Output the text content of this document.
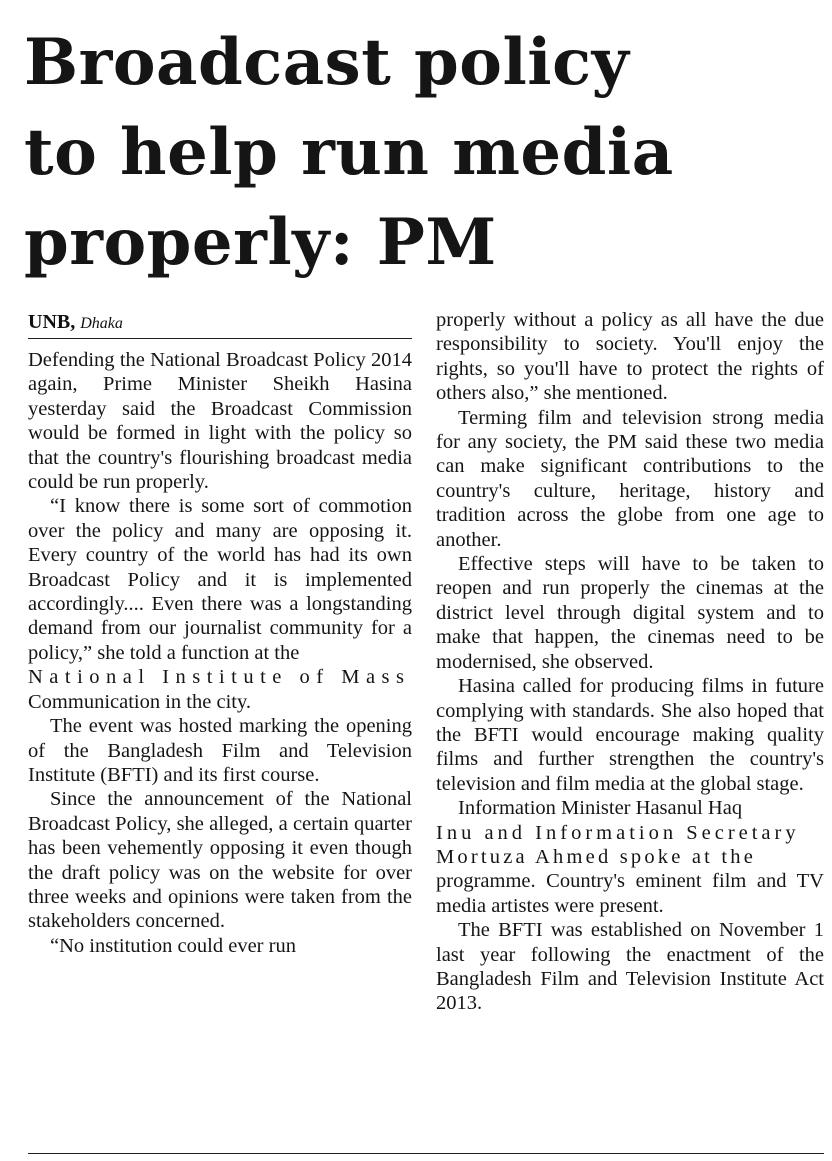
Broadcast policy
to help run media
properly: PM
UNB, Dhaka

Defending the National Broadcast Policy 2014 again, Prime Minister Sheikh Hasina yesterday said the Broadcast Commission would be formed in light with the policy so that the country's flourishing broadcast media could be run properly.

“I know there is some sort of commotion over the policy and many are opposing it. Every country of the world has had its own Broadcast Policy and it is implemented accordingly.... Even there was a longstanding demand from our journalist community for a policy,” she told a function at the

National Institute of Mass

Communication in the city.

The event was hosted marking the opening of the Bangladesh Film and Television Institute (BFTI) and its first course.

Since the announcement of the National Broadcast Policy, she alleged, a certain quarter has been vehemently opposing it even though the draft policy was on the website for over three weeks and opinions were taken from the stakeholders concerned.

“No institution could ever run

properly without a policy as all have the due responsibility to society. You'll enjoy the rights, so you'll have to protect the rights of others also,” she mentioned.

Terming film and television strong media for any society, the PM said these two media can make significant contributions to the country's culture, heritage, history and tradition across the globe from one age to another.

Effective steps will have to be taken to reopen and run properly the cinemas at the district level through digital system and to make that happen, the cinemas need to be modernised, she observed.

Hasina called for producing films in future complying with standards. She also hoped that the BFTI would encourage making quality films and further strengthen the country's television and film media at the global stage.

Information Minister Hasanul Haq

Inu and Information Secretary

Mortuza Ahmed spoke at the

programme. Country's eminent film and TV media artistes were present.

The BFTI was established on November 1 last year following the enactment of the Bangladesh Film and Television Institute Act 2013.
